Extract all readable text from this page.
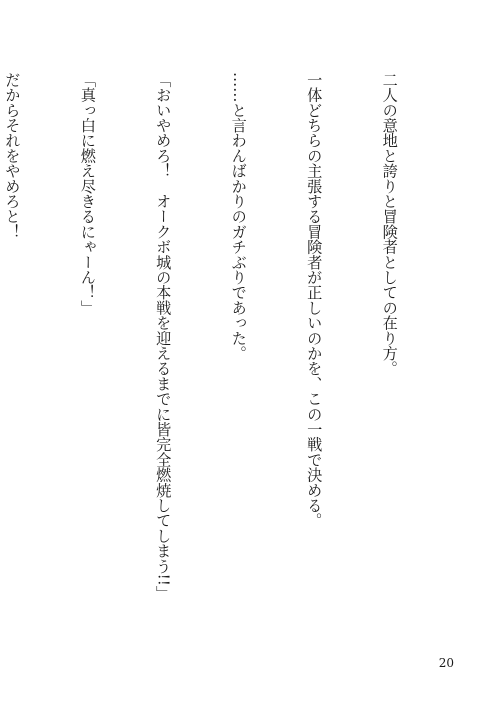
二人の意地と誇りと冒険者としての在り方。

一体どちらの主張する冒険者が正しいのかを、この一戦で決める。

……と言わんばかりのガチぶりであった。

「おいやめろ！　オークボ城の本戦を迎えるまでに皆完全燃焼してしまう!!」

「真っ白に燃え尽きるにゃーん！」

だからそれをやめろと！

20
